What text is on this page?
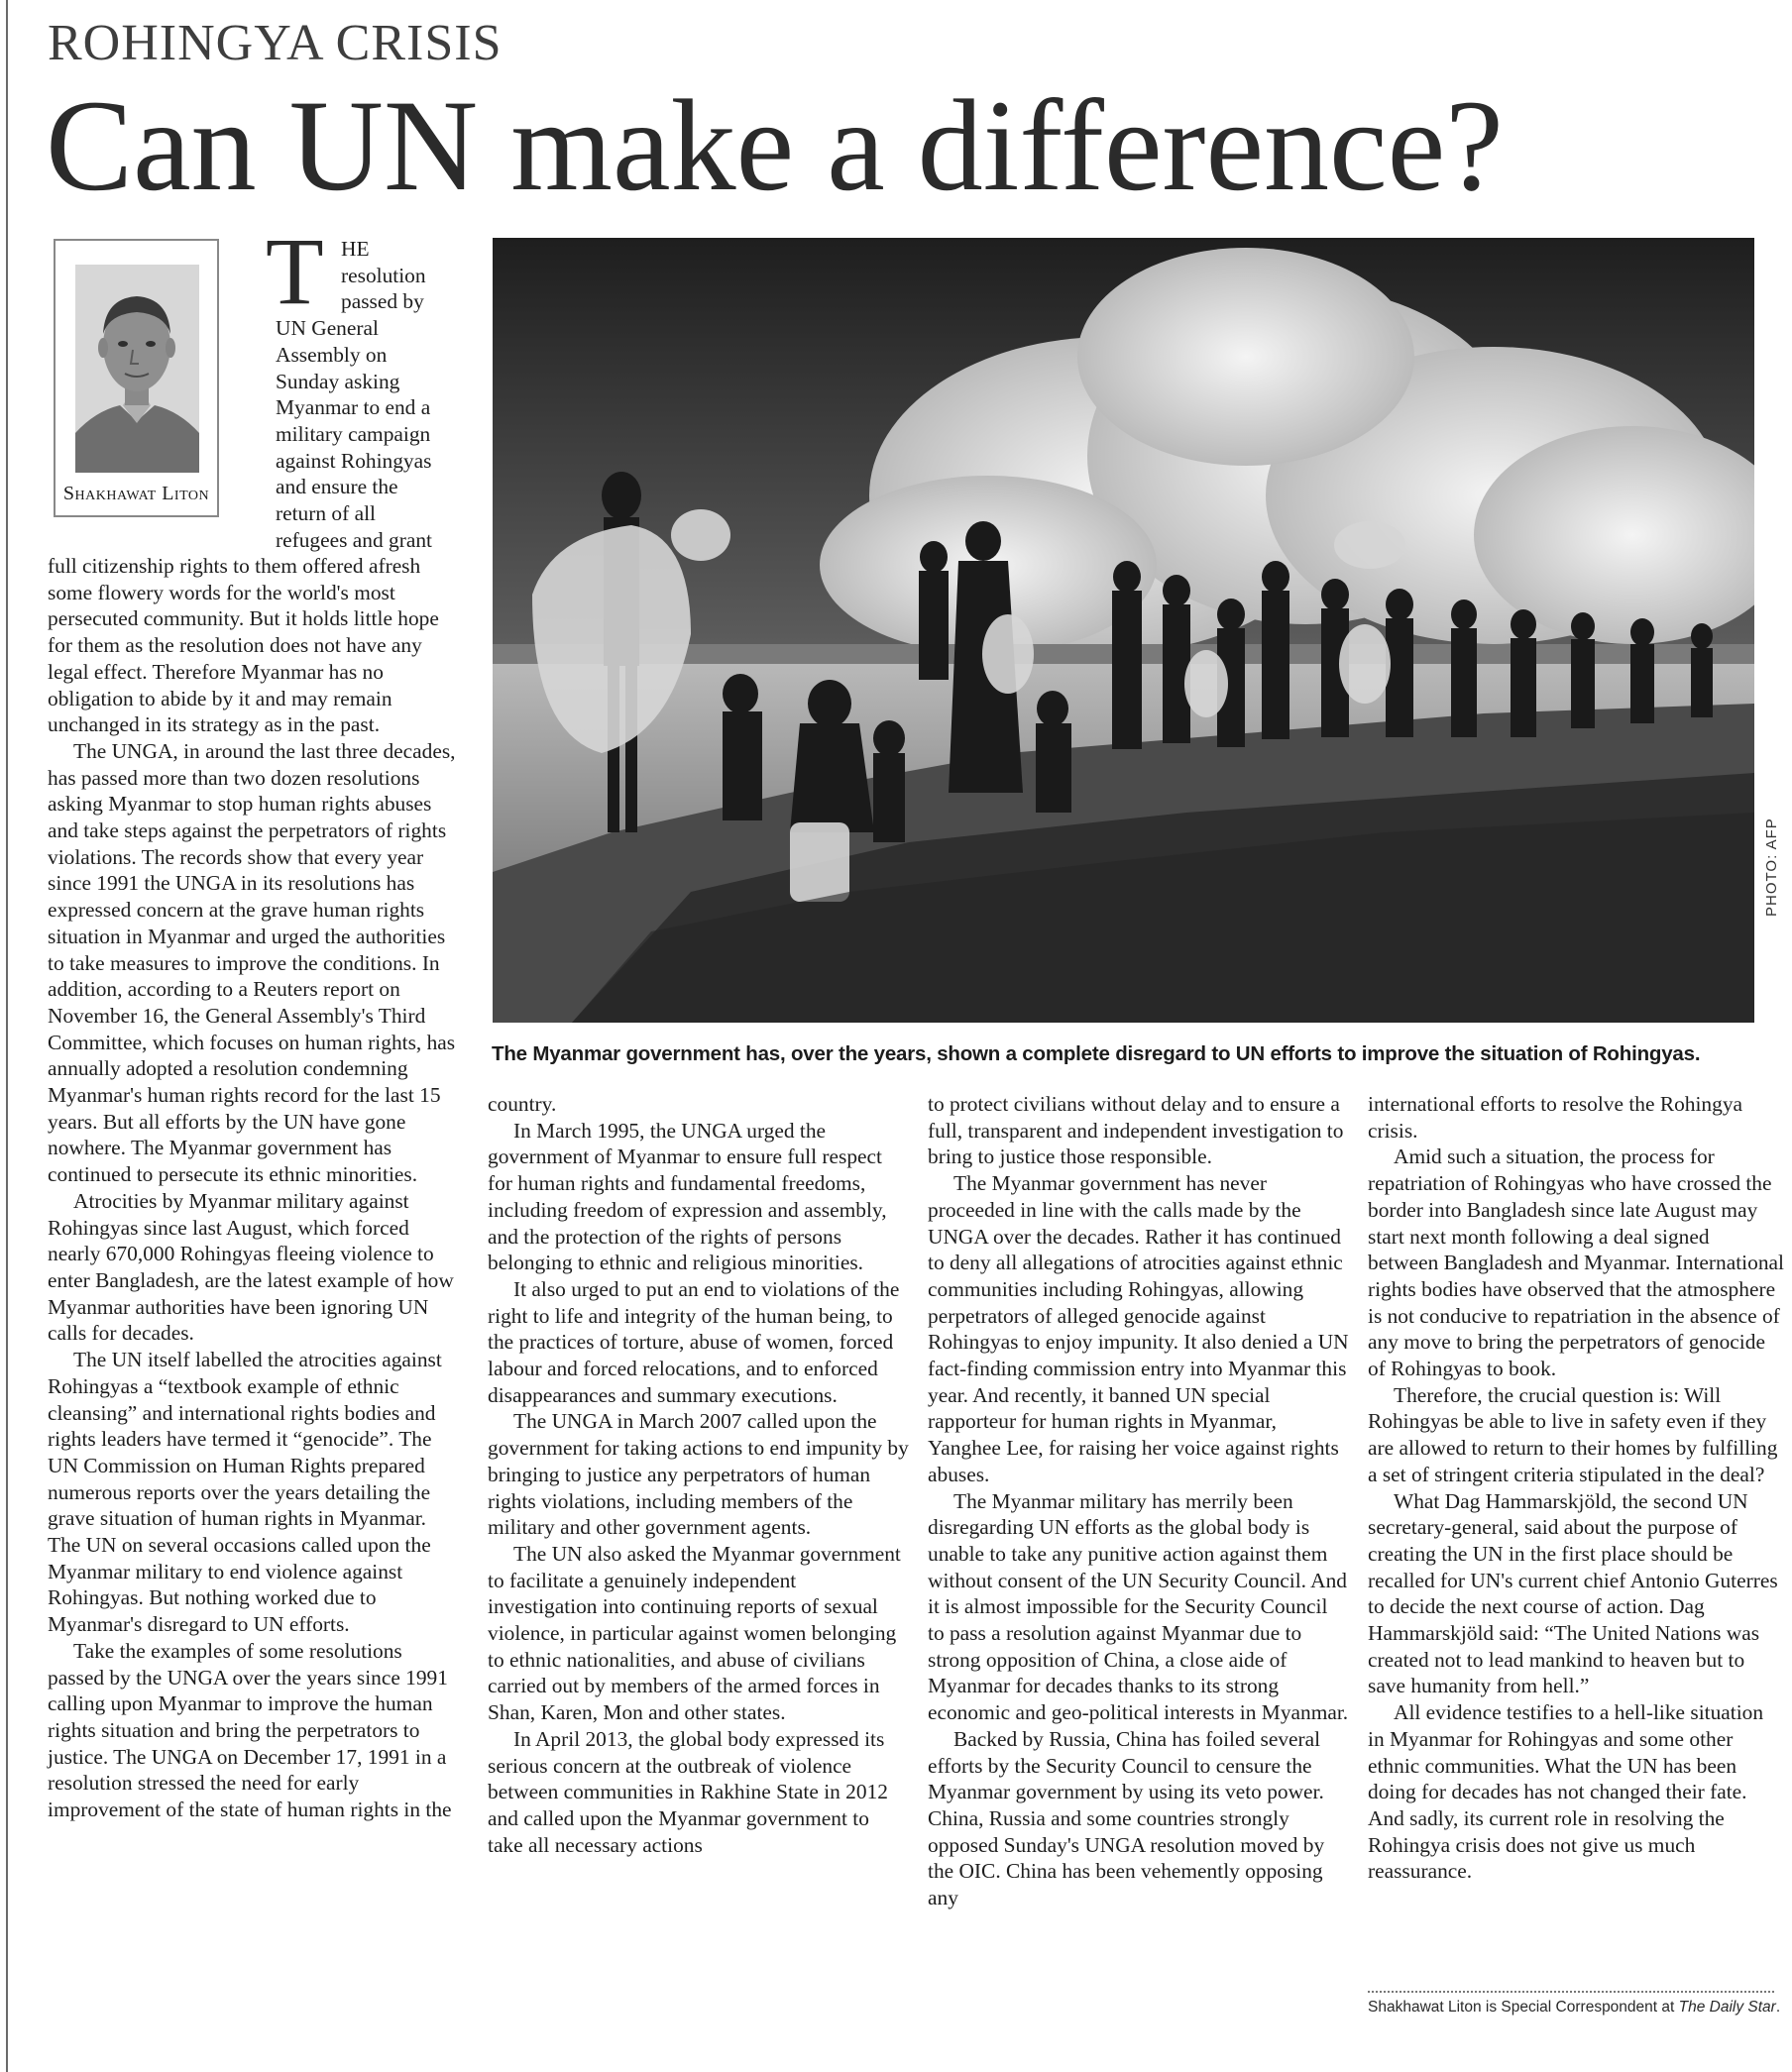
ROHINGYA CRISIS
Can UN make a difference?
Shakhawat Liton
T HE
resolution
passed by
UN General
Assembly on
Sunday asking
Myanmar to end a
military campaign
against Rohingyas
and ensure the
return of all
refugees and grant

full citizenship rights to them offered afresh some flowery words for the world's most persecuted community. But it holds little hope for them as the resolution does not have any legal effect. Therefore Myanmar has no obligation to abide by it and may remain unchanged in its strategy as in the past.

The UNGA, in around the last three decades, has passed more than two dozen resolutions asking Myanmar to stop human rights abuses and take steps against the perpetrators of rights violations. The records show that every year since 1991 the UNGA in its resolutions has expressed concern at the grave human rights situation in Myanmar and urged the authorities to take measures to improve the conditions. In addition, according to a Reuters report on November 16, the General Assembly's Third Committee, which focuses on human rights, has annually adopted a resolution condemning Myanmar's human rights record for the last 15 years. But all efforts by the UN have gone nowhere. The Myanmar government has continued to persecute its ethnic minorities.

Atrocities by Myanmar military against Rohingyas since last August, which forced nearly 670,000 Rohingyas fleeing violence to enter Bangladesh, are the latest example of how Myanmar authorities have been ignoring UN calls for decades.

The UN itself labelled the atrocities against Rohingyas a “textbook example of ethnic cleansing” and international rights bodies and rights leaders have termed it “genocide”. The UN Commission on Human Rights prepared numerous reports over the years detailing the grave situation of human rights in Myanmar. The UN on several occasions called upon the Myanmar military to end violence against Rohingyas. But nothing worked due to Myanmar's disregard to UN efforts.

Take the examples of some resolutions passed by the UNGA over the years since 1991 calling upon Myanmar to improve the human rights situation and bring the perpetrators to justice. The UNGA on December 17, 1991 in a resolution stressed the need for early improvement of the state of human rights in the

PHOTO: AFP
The Myanmar government has, over the years, shown a complete disregard to UN efforts to improve the situation of Rohingyas.

country.

In March 1995, the UNGA urged the government of Myanmar to ensure full respect for human rights and fundamental freedoms, including freedom of expression and assembly, and the protection of the rights of persons belonging to ethnic and religious minorities.

It also urged to put an end to violations of the right to life and integrity of the human being, to the practices of torture, abuse of women, forced labour and forced relocations, and to enforced disappearances and summary executions.

The UNGA in March 2007 called upon the government for taking actions to end impunity by bringing to justice any perpetrators of human rights violations, including members of the military and other government agents.

The UN also asked the Myanmar government to facilitate a genuinely independent investigation into continuing reports of sexual violence, in particular against women belonging to ethnic nationalities, and abuse of civilians carried out by members of the armed forces in Shan, Karen, Mon and other states.

In April 2013, the global body expressed its serious concern at the outbreak of violence between communities in Rakhine State in 2012 and called upon the Myanmar government to take all necessary actions

to protect civilians without delay and to ensure a full, transparent and independent investigation to bring to justice those responsible.

The Myanmar government has never proceeded in line with the calls made by the UNGA over the decades. Rather it has continued to deny all allegations of atrocities against ethnic communities including Rohingyas, allowing perpetrators of alleged genocide against Rohingyas to enjoy impunity. It also denied a UN fact-finding commission entry into Myanmar this year. And recently, it banned UN special rapporteur for human rights in Myanmar, Yanghee Lee, for raising her voice against rights abuses.

The Myanmar military has merrily been disregarding UN efforts as the global body is unable to take any punitive action against them without consent of the UN Security Council. And it is almost impossible for the Security Council to pass a resolution against Myanmar due to strong opposition of China, a close aide of Myanmar for decades thanks to its strong economic and geo-political interests in Myanmar.

Backed by Russia, China has foiled several efforts by the Security Council to censure the Myanmar government by using its veto power. China, Russia and some countries strongly opposed Sunday's UNGA resolution moved by the OIC. China has been vehemently opposing any

international efforts to resolve the Rohingya crisis.

Amid such a situation, the process for repatriation of Rohingyas who have crossed the border into Bangladesh since late August may start next month following a deal signed between Bangladesh and Myanmar. International rights bodies have observed that the atmosphere is not conducive to repatriation in the absence of any move to bring the perpetrators of genocide of Rohingyas to book.

Therefore, the crucial question is: Will Rohingyas be able to live in safety even if they are allowed to return to their homes by fulfilling a set of stringent criteria stipulated in the deal?

What Dag Hammarskjöld, the second UN secretary-general, said about the purpose of creating the UN in the first place should be recalled for UN's current chief Antonio Guterres to decide the next course of action. Dag Hammarskjöld said: “The United Nations was created not to lead mankind to heaven but to save humanity from hell.”

All evidence testifies to a hell-like situation in Myanmar for Rohingyas and some other ethnic communities. What the UN has been doing for decades has not changed their fate. And sadly, its current role in resolving the Rohingya crisis does not give us much reassurance.

Shakhawat Liton is Special Correspondent at The Daily Star.
